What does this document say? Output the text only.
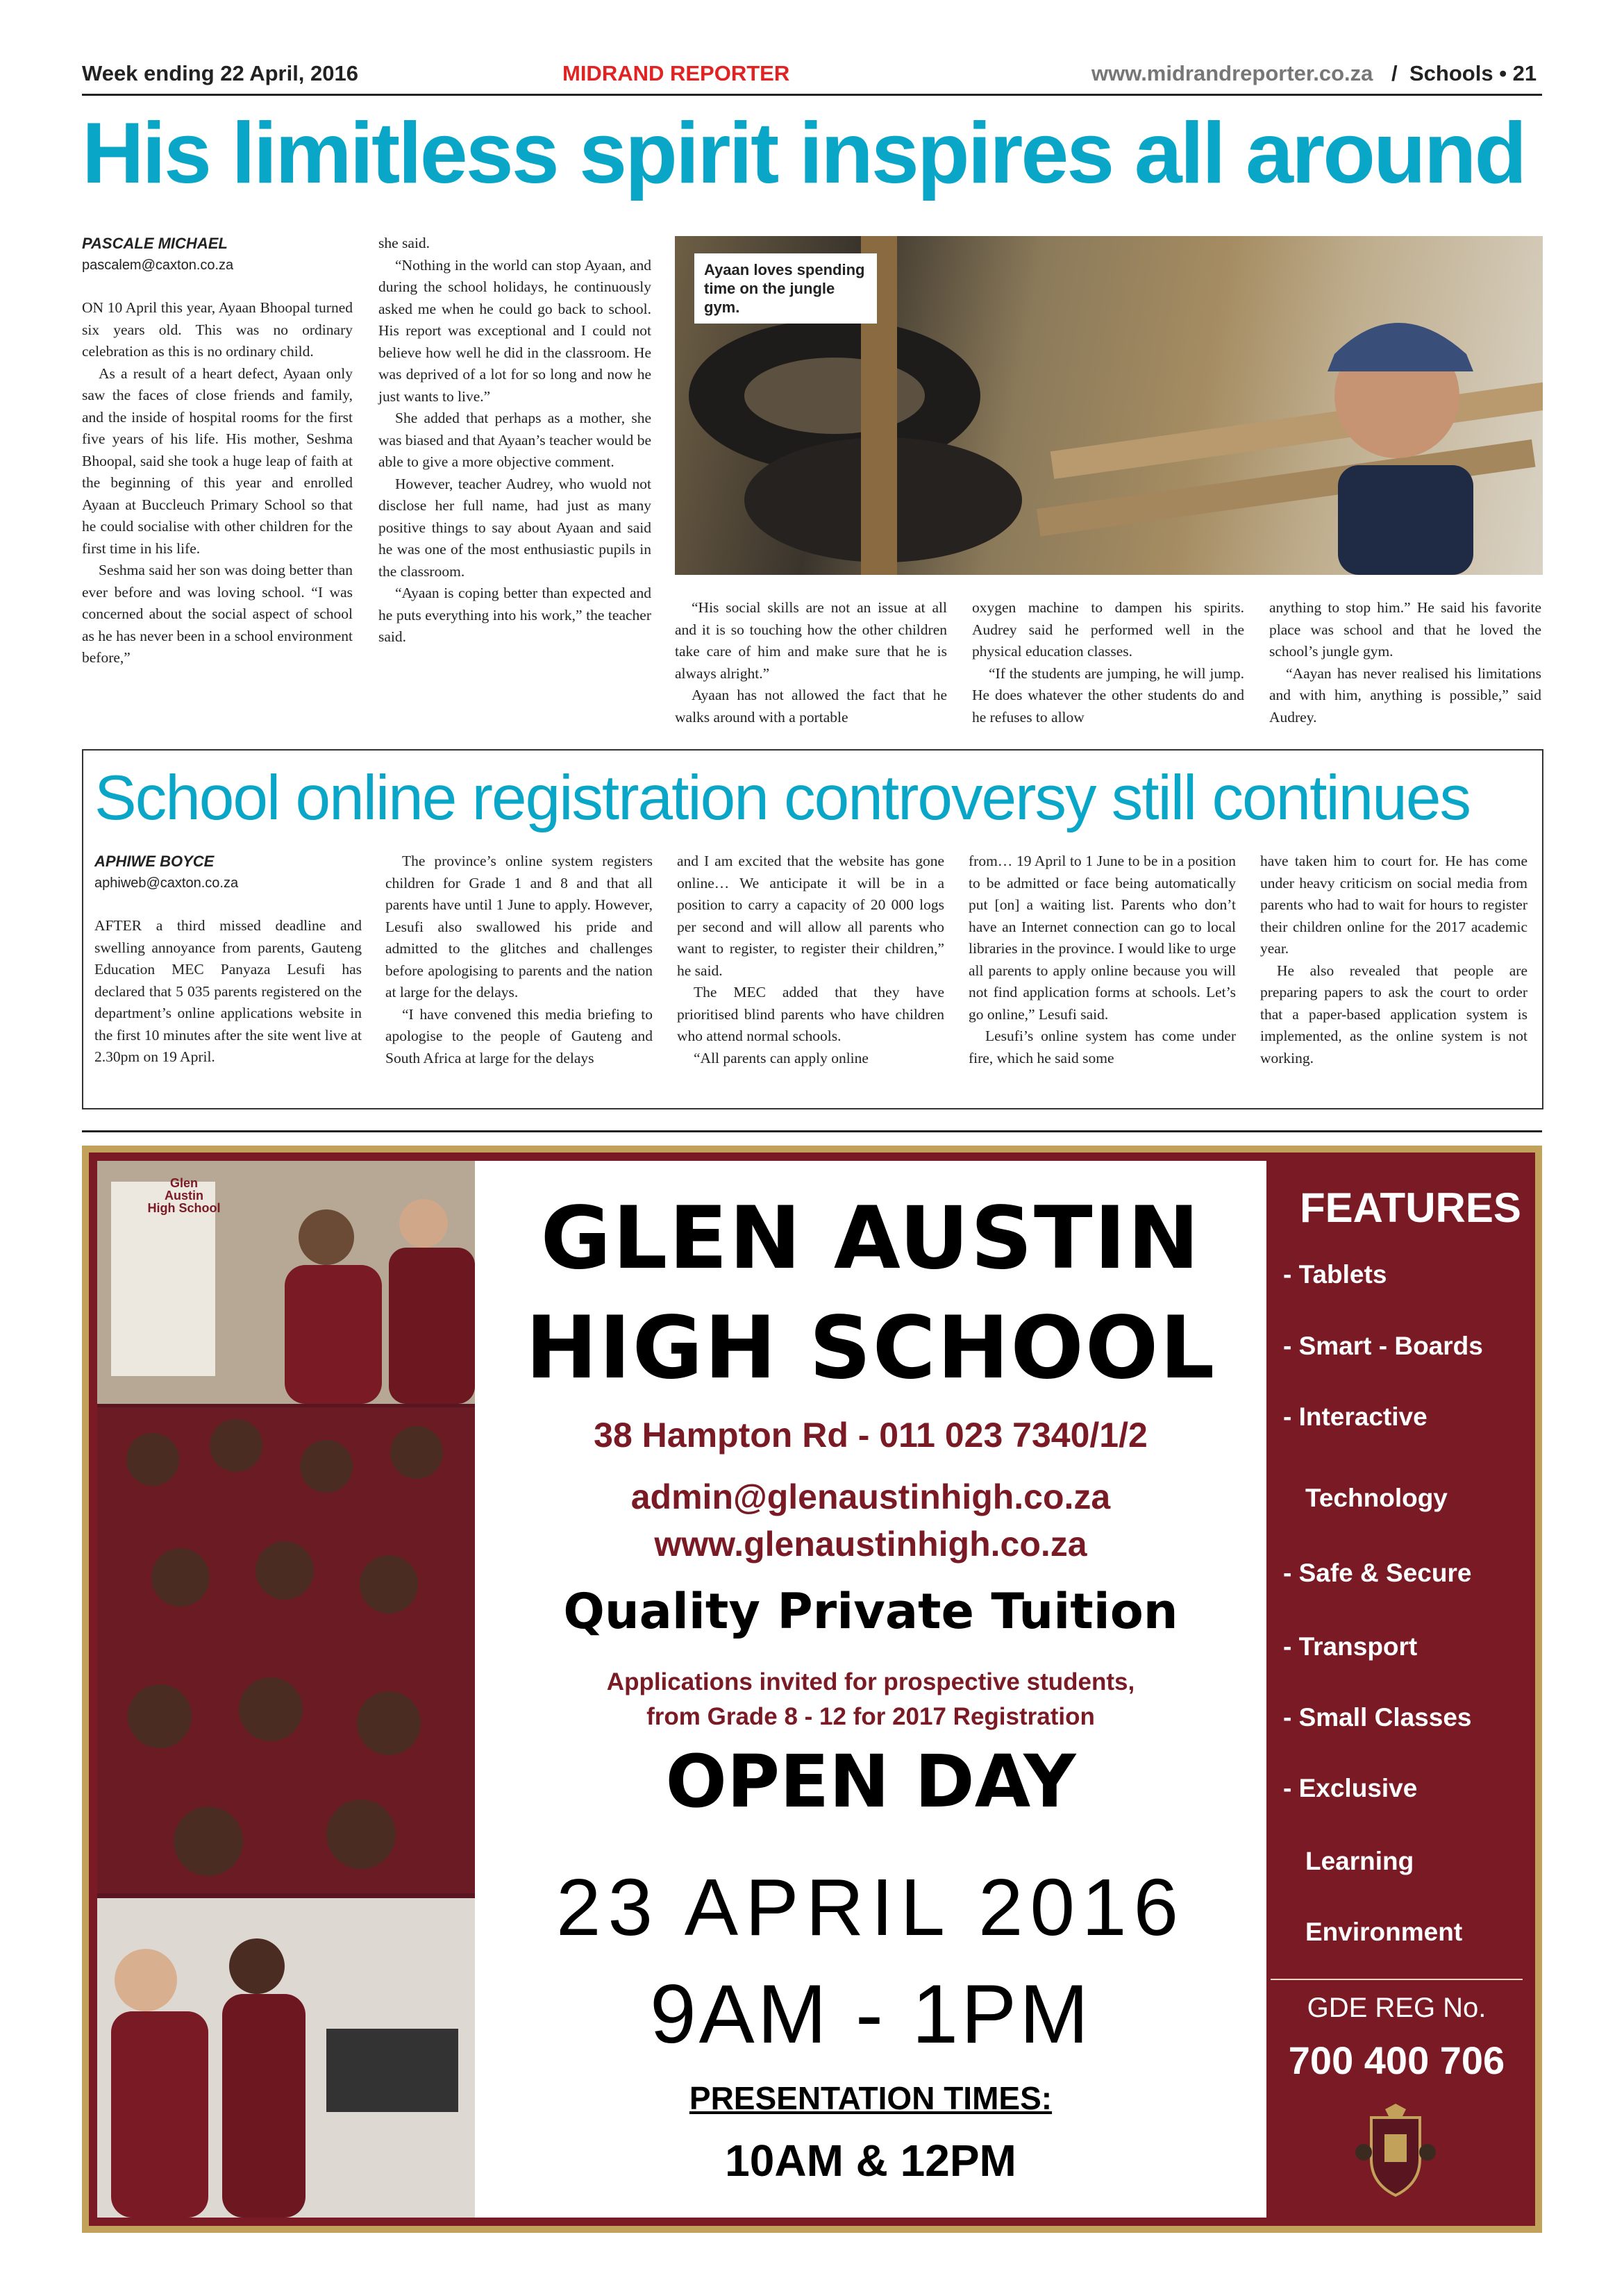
Week ending 22 April, 2016	MIDRAND REPORTER	www.midrandreporter.co.za / Schools • 21
His limitless spirit inspires all around
PASCALE MICHAEL
pascalem@caxton.co.za

ON 10 April this year, Ayaan Bhoopal turned six years old. This was no ordinary celebration as this is no ordinary child.

As a result of a heart defect, Ayaan only saw the faces of close friends and family, and the inside of hospital rooms for the first five years of his life. His mother, Seshma Bhoopal, said she took a huge leap of faith at the beginning of this year and enrolled Ayaan at Buccleuch Primary School so that he could socialise with other children for the first time in his life.

Seshma said her son was doing better than ever before and was loving school. “I was concerned about the social aspect of school as he has never been in a school environment before,”

she said.

“Nothing in the world can stop Ayaan, and during the school holidays, he continuously asked me when he could go back to school. His report was exceptional and I could not believe how well he did in the classroom. He was deprived of a lot for so long and now he just wants to live.”

She added that perhaps as a mother, she was biased and that Ayaan’s teacher would be able to give a more objective comment.

However, teacher Audrey, who wuold not disclose her full name, had just as many positive things to say about Ayaan and said he was one of the most enthusiastic pupils in the classroom.

“Ayaan is coping better than expected and he puts everything into his work,” the teacher said.

Ayaan loves spending time on the jungle gym.

“His social skills are not an issue at all and it is so touching how the other children take care of him and make sure that he is always alright.”

Ayaan has not allowed the fact that he walks around with a portable

oxygen machine to dampen his spirits. Audrey said he performed well in the physical education classes.

“If the students are jumping, he will jump. He does whatever the other students do and he refuses to allow

anything to stop him.” He said his favorite place was school and that he loved the school’s jungle gym.

“Aayan has never realised his limitations and with him, anything is possible,” said Audrey.

School online registration controversy still continues
APHIWE BOYCE
aphiweb@caxton.co.za

AFTER a third missed deadline and swelling annoyance from parents, Gauteng Education MEC Panyaza Lesufi has declared that 5 035 parents registered on the department’s online applications website in the first 10 minutes after the site went live at 2.30pm on 19 April.

The province’s online system registers children for Grade 1 and 8 and that all parents have until 1 June to apply. However, Lesufi also swallowed his pride and admitted to the glitches and challenges before apologising to parents and the nation at large for the delays.

“I have convened this media briefing to apologise to the people of Gauteng and South Africa at large for the delays

and I am excited that the website has gone online… We anticipate it will be in a position to carry a capacity of 20 000 logs per second and will allow all parents who want to register, to register their children,” he said.

The MEC added that they have prioritised blind parents who have children who attend normal schools.

“All parents can apply online

from… 19 April to 1 June to be in a position to be admitted or face being automatically put [on] a waiting list. Parents who don’t have an Internet connection can go to local libraries in the province. I would like to urge all parents to apply online because you will not find application forms at schools. Let’s go online,” Lesufi said.

Lesufi’s online system has come under fire, which he said some

have taken him to court for. He has come under heavy criticism on social media from parents who had to wait for hours to register their children online for the 2017 academic year.

He also revealed that people are preparing papers to ask the court to order that a paper-based application system is implemented, as the online system is not working.

Glen
Austin
High School	GLEN AUSTIN
HIGH SCHOOL
38 Hampton Rd - 011 023 7340/1/2
admin@glenaustinhigh.co.za
www.glenaustinhigh.co.za
Quality Private Tuition
Applications invited for prospective students,
from Grade 8 - 12 for 2017 Registration
OPEN DAY
23 APRIL 2016
9AM - 1PM
PRESENTATION TIMES:
10AM & 12PM
FEATURES
- Tablets
- Smart - Boards
- Interactive
Technology
- Safe & Secure
- Transport
- Small Classes
- Exclusive
Learning
Environment
GDE REG No.
700 400 706
